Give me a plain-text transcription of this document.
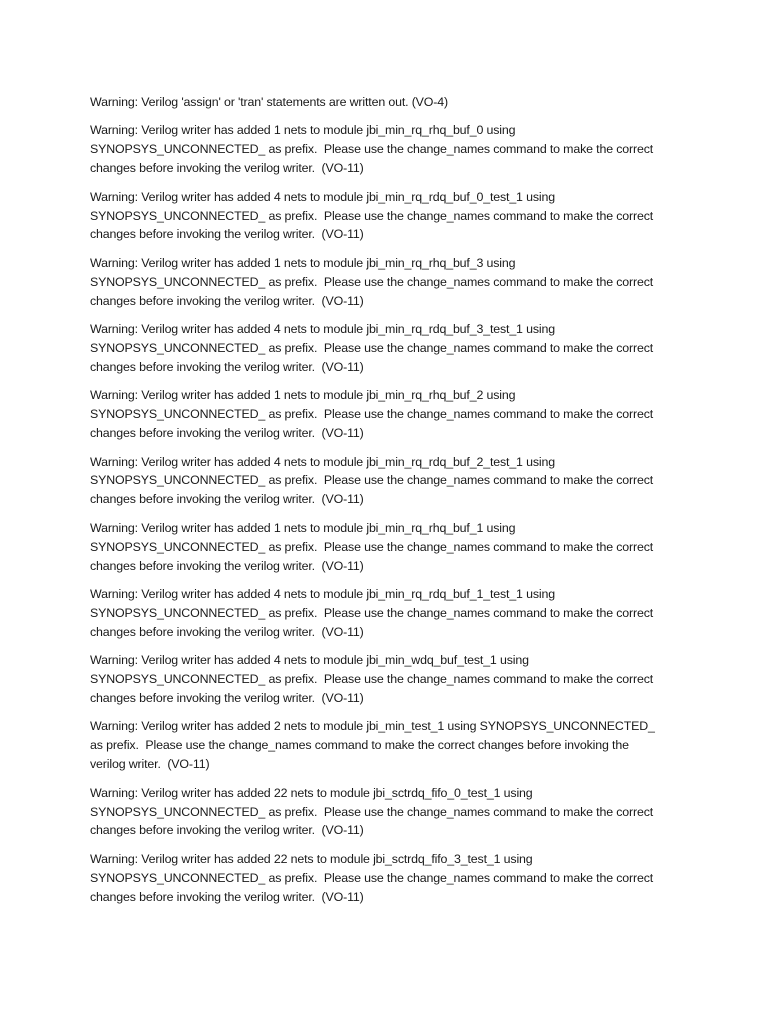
Warning: Verilog 'assign' or 'tran' statements are written out. (VO-4)

Warning: Verilog writer has added 1 nets to module jbi_min_rq_rhq_buf_0 using
SYNOPSYS_UNCONNECTED_ as prefix.  Please use the change_names command to make the correct
changes before invoking the verilog writer.  (VO-11)

Warning: Verilog writer has added 4 nets to module jbi_min_rq_rdq_buf_0_test_1 using
SYNOPSYS_UNCONNECTED_ as prefix.  Please use the change_names command to make the correct
changes before invoking the verilog writer.  (VO-11)

Warning: Verilog writer has added 1 nets to module jbi_min_rq_rhq_buf_3 using
SYNOPSYS_UNCONNECTED_ as prefix.  Please use the change_names command to make the correct
changes before invoking the verilog writer.  (VO-11)

Warning: Verilog writer has added 4 nets to module jbi_min_rq_rdq_buf_3_test_1 using
SYNOPSYS_UNCONNECTED_ as prefix.  Please use the change_names command to make the correct
changes before invoking the verilog writer.  (VO-11)

Warning: Verilog writer has added 1 nets to module jbi_min_rq_rhq_buf_2 using
SYNOPSYS_UNCONNECTED_ as prefix.  Please use the change_names command to make the correct
changes before invoking the verilog writer.  (VO-11)

Warning: Verilog writer has added 4 nets to module jbi_min_rq_rdq_buf_2_test_1 using
SYNOPSYS_UNCONNECTED_ as prefix.  Please use the change_names command to make the correct
changes before invoking the verilog writer.  (VO-11)

Warning: Verilog writer has added 1 nets to module jbi_min_rq_rhq_buf_1 using
SYNOPSYS_UNCONNECTED_ as prefix.  Please use the change_names command to make the correct
changes before invoking the verilog writer.  (VO-11)

Warning: Verilog writer has added 4 nets to module jbi_min_rq_rdq_buf_1_test_1 using
SYNOPSYS_UNCONNECTED_ as prefix.  Please use the change_names command to make the correct
changes before invoking the verilog writer.  (VO-11)

Warning: Verilog writer has added 4 nets to module jbi_min_wdq_buf_test_1 using
SYNOPSYS_UNCONNECTED_ as prefix.  Please use the change_names command to make the correct
changes before invoking the verilog writer.  (VO-11)

Warning: Verilog writer has added 2 nets to module jbi_min_test_1 using SYNOPSYS_UNCONNECTED_
as prefix.  Please use the change_names command to make the correct changes before invoking the
verilog writer.  (VO-11)

Warning: Verilog writer has added 22 nets to module jbi_sctrdq_fifo_0_test_1 using
SYNOPSYS_UNCONNECTED_ as prefix.  Please use the change_names command to make the correct
changes before invoking the verilog writer.  (VO-11)

Warning: Verilog writer has added 22 nets to module jbi_sctrdq_fifo_3_test_1 using
SYNOPSYS_UNCONNECTED_ as prefix.  Please use the change_names command to make the correct
changes before invoking the verilog writer.  (VO-11)
